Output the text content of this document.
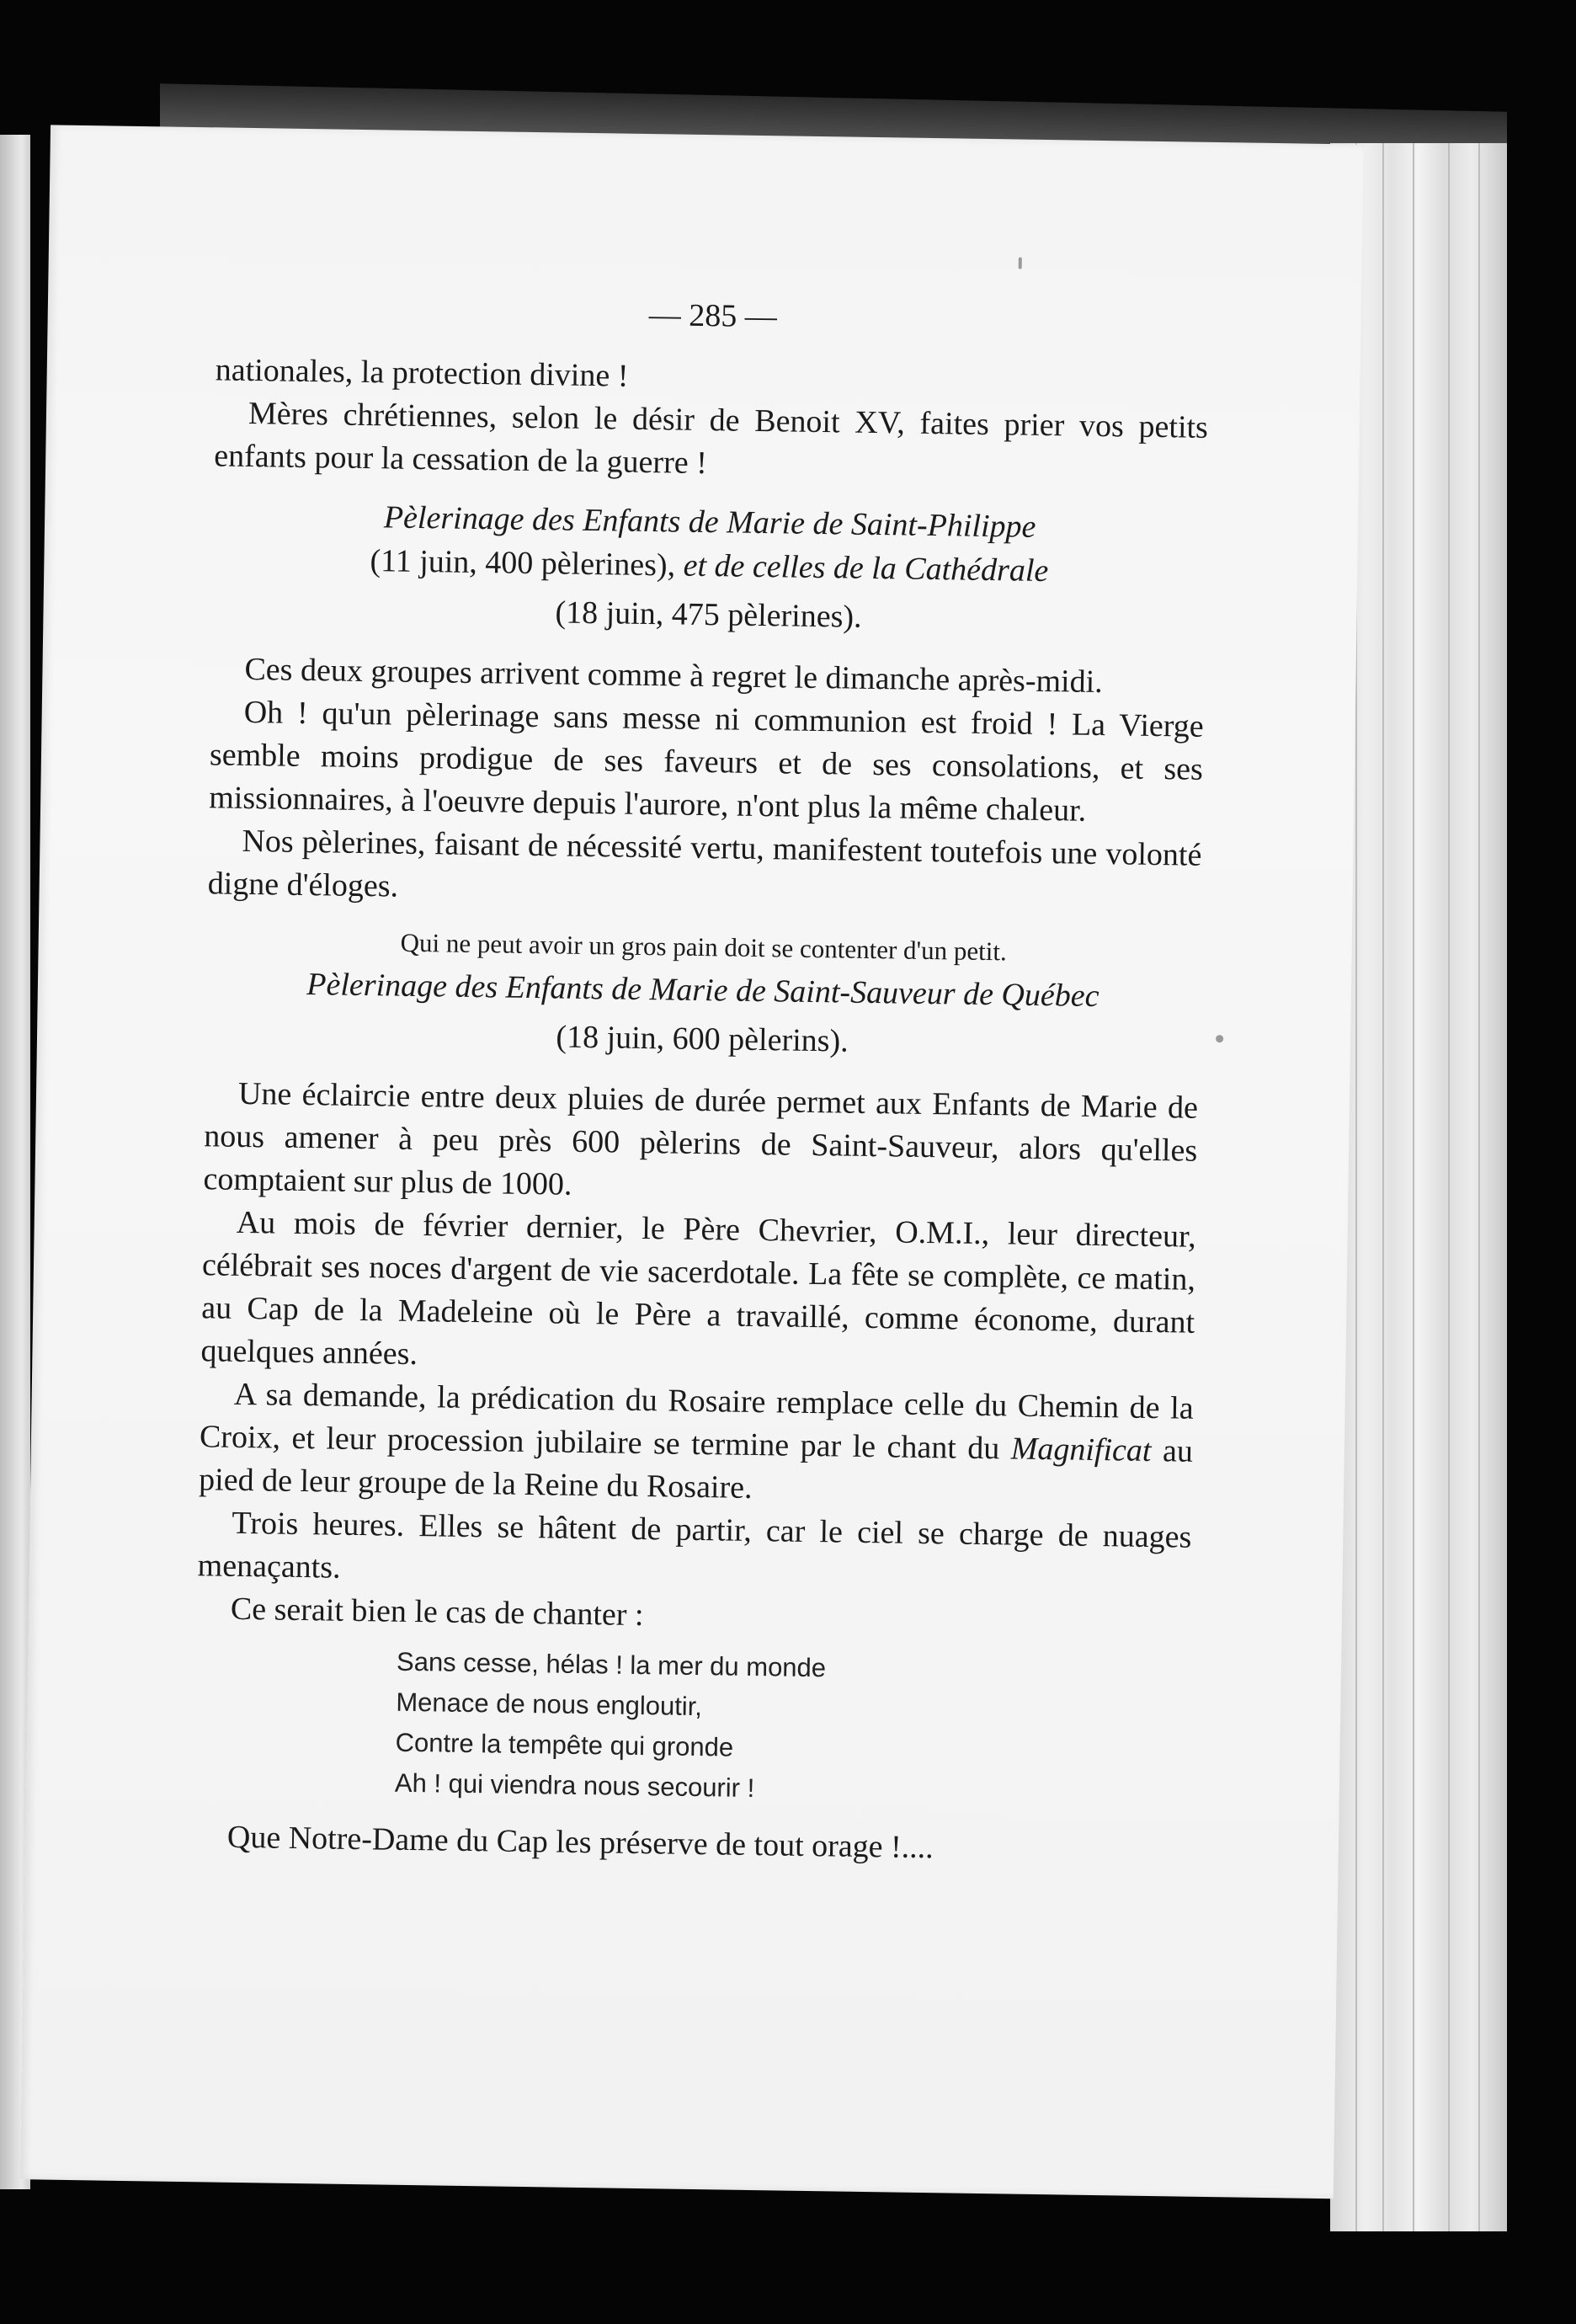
— 285 —

nationales, la protection divine !

Mères chrétiennes, selon le désir de Benoit XV, faites prier vos petits enfants pour la cessation de la guerre !

Pèlerinage des Enfants de Marie de Saint-Philippe
(11 juin, 400 pèlerines), et de celles de la Cathédrale
(18 juin, 475 pèlerines).

Ces deux groupes arrivent comme à regret le dimanche après-midi.

Oh ! qu'un pèlerinage sans messe ni communion est froid ! La Vierge semble moins prodigue de ses faveurs et de ses consolations, et ses missionnaires, à l'oeuvre depuis l'aurore, n'ont plus la même chaleur.

Nos pèlerines, faisant de nécessité vertu, manifestent toutefois une volonté digne d'éloges.

Qui ne peut avoir un gros pain doit se contenter d'un petit.
Pèlerinage des Enfants de Marie de Saint-Sauveur de Québec
(18 juin, 600 pèlerins).

Une éclaircie entre deux pluies de durée permet aux Enfants de Marie de nous amener à peu près 600 pèlerins de Saint-Sauveur, alors qu'elles comptaient sur plus de 1000.

Au mois de février dernier, le Père Chevrier, O.M.I., leur directeur, célébrait ses noces d'argent de vie sacerdotale. La fête se complète, ce matin, au Cap de la Madeleine où le Père a travaillé, comme économe, durant quelques années.

A sa demande, la prédication du Rosaire remplace celle du Chemin de la Croix, et leur procession jubilaire se termine par le chant du Magnificat au pied de leur groupe de la Reine du Rosaire.

Trois heures. Elles se hâtent de partir, car le ciel se charge de nuages menaçants.

Ce serait bien le cas de chanter :

Sans cesse, hélas ! la mer du monde
Menace de nous engloutir,
Contre la tempête qui gronde
Ah ! qui viendra nous secourir !

Que Notre-Dame du Cap les préserve de tout orage !....
